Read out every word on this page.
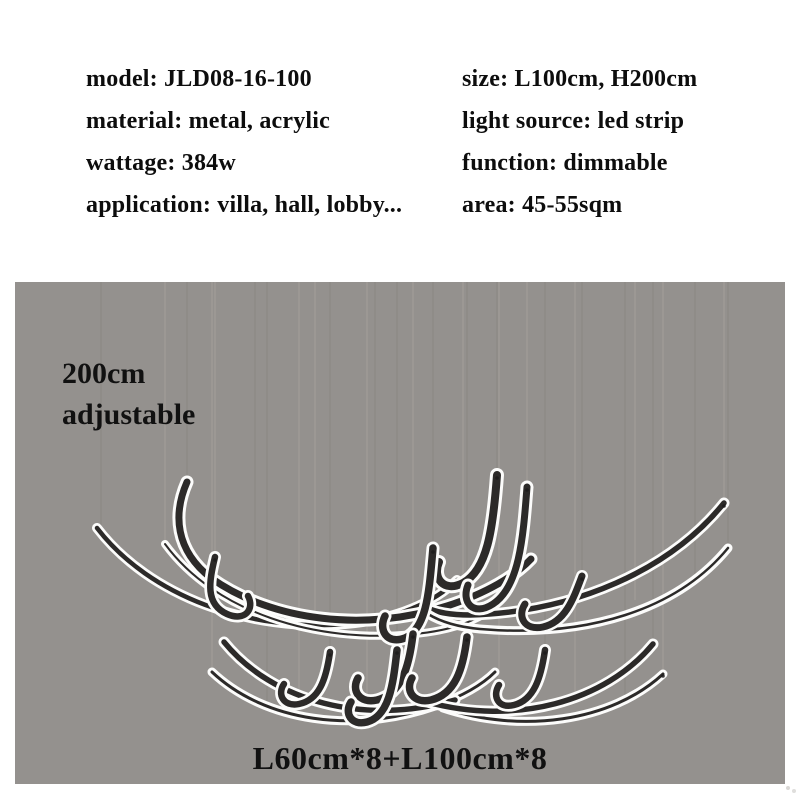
model: JLD08-16-100
material: metal, acrylic
wattage: 384w
application: villa, hall, lobby...
size: L100cm, H200cm
light source: led strip
function: dimmable
area: 45-55sqm
200cm
adjustable
L60cm*8+L100cm*8
